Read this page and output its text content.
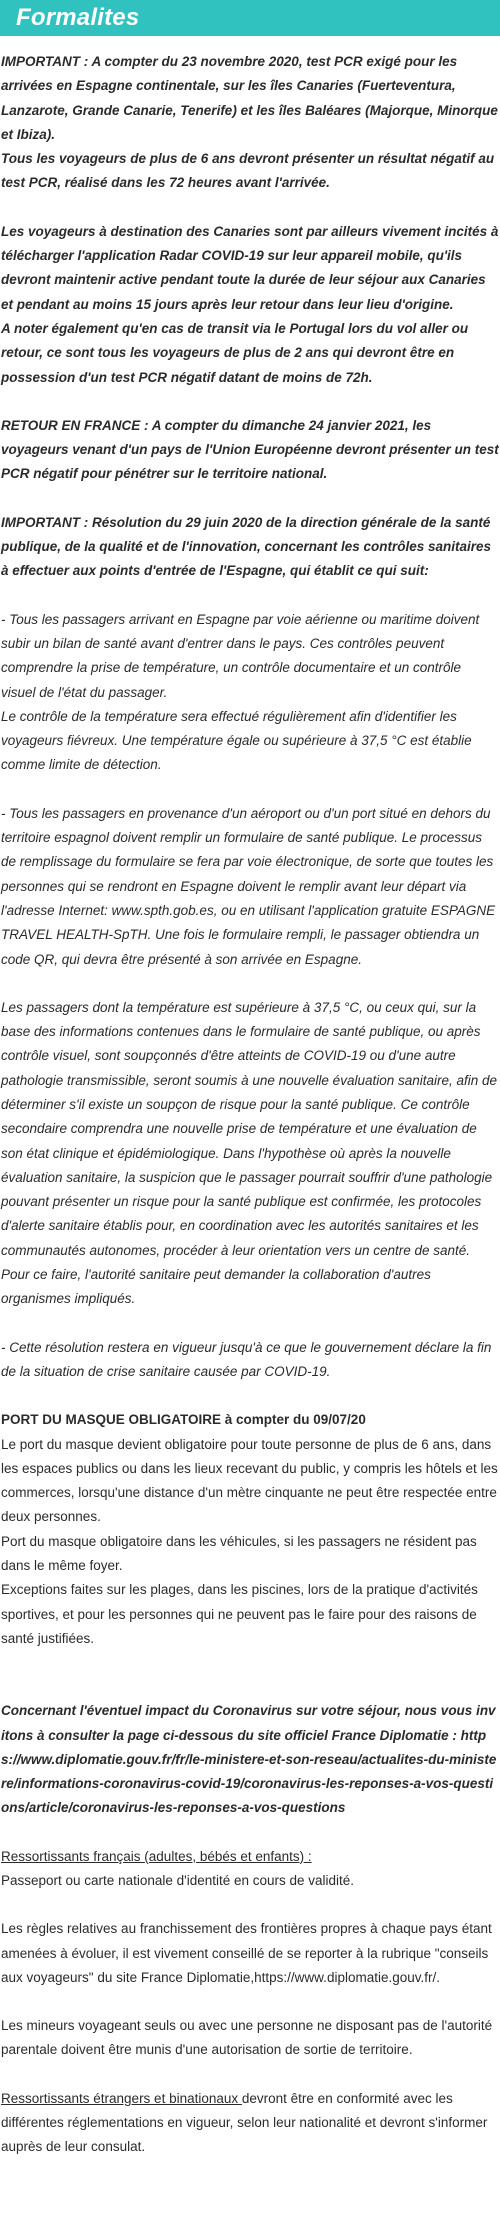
Formalites

IMPORTANT : A compter du 23 novembre 2020, test PCR exigé pour les arrivées en Espagne continentale, sur les îles Canaries (Fuerteventura, Lanzarote, Grande Canarie, Tenerife) et les îles Baléares (Majorque, Minorque et Ibiza).
Tous les voyageurs de plus de 6 ans devront présenter un résultat négatif au test PCR, réalisé dans les 72 heures avant l'arrivée.

Les voyageurs à destination des Canaries sont par ailleurs vivement incités à télécharger l'application Radar COVID-19 sur leur appareil mobile, qu'ils devront maintenir active pendant toute la durée de leur séjour aux Canaries et pendant au moins 15 jours après leur retour dans leur lieu d'origine.
A noter également qu'en cas de transit via le Portugal lors du vol aller ou retour, ce sont tous les voyageurs de plus de 2 ans qui devront être en possession d'un test PCR négatif datant de moins de 72h.

RETOUR EN FRANCE : A compter du dimanche 24 janvier 2021, les voyageurs venant d'un pays de l'Union Européenne devront présenter un test PCR négatif pour pénétrer sur le territoire national.

IMPORTANT : Résolution du 29 juin 2020 de la direction générale de la santé publique, de la qualité et de l'innovation, concernant les contrôles sanitaires à effectuer aux points d'entrée de l'Espagne, qui établit ce qui suit:

- Tous les passagers arrivant en Espagne par voie aérienne ou maritime doivent subir un bilan de santé avant d'entrer dans le pays. Ces contrôles peuvent comprendre la prise de température, un contrôle documentaire et un contrôle visuel de l'état du passager.
Le contrôle de la température sera effectué régulièrement afin d'identifier les voyageurs fiévreux. Une température égale ou supérieure à 37,5 °C est établie comme limite de détection.

- Tous les passagers en provenance d'un aéroport ou d'un port situé en dehors du territoire espagnol doivent remplir un formulaire de santé publique. Le processus de remplissage du formulaire se fera par voie électronique, de sorte que toutes les personnes qui se rendront en Espagne doivent le remplir avant leur départ via l'adresse Internet: www.spth.gob.es, ou en utilisant l'application gratuite ESPAGNE TRAVEL HEALTH-SpTH. Une fois le formulaire rempli, le passager obtiendra un code QR, qui devra être présenté à son arrivée en Espagne.

Les passagers dont la température est supérieure à 37,5 °C, ou ceux qui, sur la base des informations contenues dans le formulaire de santé publique, ou après contrôle visuel, sont soupçonnés d'être atteints de COVID-19 ou d'une autre pathologie transmissible, seront soumis à une nouvelle évaluation sanitaire, afin de déterminer s'il existe un soupçon de risque pour la santé publique. Ce contrôle secondaire comprendra une nouvelle prise de température et une évaluation de son état clinique et épidémiologique. Dans l'hypothèse où après la nouvelle évaluation sanitaire, la suspicion que le passager pourrait souffrir d'une pathologie pouvant présenter un risque pour la santé publique est confirmée, les protocoles d'alerte sanitaire établis pour, en coordination avec les autorités sanitaires et les communautés autonomes, procéder à leur orientation vers un centre de santé. Pour ce faire, l'autorité sanitaire peut demander la collaboration d'autres organismes impliqués.

- Cette résolution restera en vigueur jusqu'à ce que le gouvernement déclare la fin de la situation de crise sanitaire causée par COVID-19.

PORT DU MASQUE OBLIGATOIRE à compter du 09/07/20

Le port du masque devient obligatoire pour toute personne de plus de 6 ans, dans les espaces publics ou dans les lieux recevant du public, y compris les hôtels et les commerces, lorsqu'une distance d'un mètre cinquante ne peut être respectée entre deux personnes.
Port du masque obligatoire dans les véhicules, si les passagers ne résident pas dans le même foyer.
Exceptions faites sur les plages, dans les piscines, lors de la pratique d'activités sportives, et pour les personnes qui ne peuvent pas le faire pour des raisons de santé justifiées.

Concernant l'éventuel impact du Coronavirus sur votre séjour, nous vous invitons à consulter la page ci-dessous du site officiel France Diplomatie : https://www.diplomatie.gouv.fr/fr/le-ministere-et-son-reseau/actualites-du-ministere/informations-coronavirus-covid-19/coronavirus-les-reponses-a-vos-questions/article/coronavirus-les-reponses-a-vos-questions

Ressortissants français (adultes, bébés et enfants) :

Passeport ou carte nationale d'identité en cours de validité.

Les règles relatives au franchissement des frontières propres à chaque pays étant amenées à évoluer, il est vivement conseillé de se reporter à la rubrique "conseils aux voyageurs" du site France Diplomatie,https://www.diplomatie.gouv.fr/.

Les mineurs voyageant seuls ou avec une personne ne disposant pas de l'autorité parentale doivent être munis d'une autorisation de sortie de territoire.

Ressortissants étrangers et binationaux devront être en conformité avec les différentes réglementations en vigueur, selon leur nationalité et devront s'informer auprès de leur consulat.
